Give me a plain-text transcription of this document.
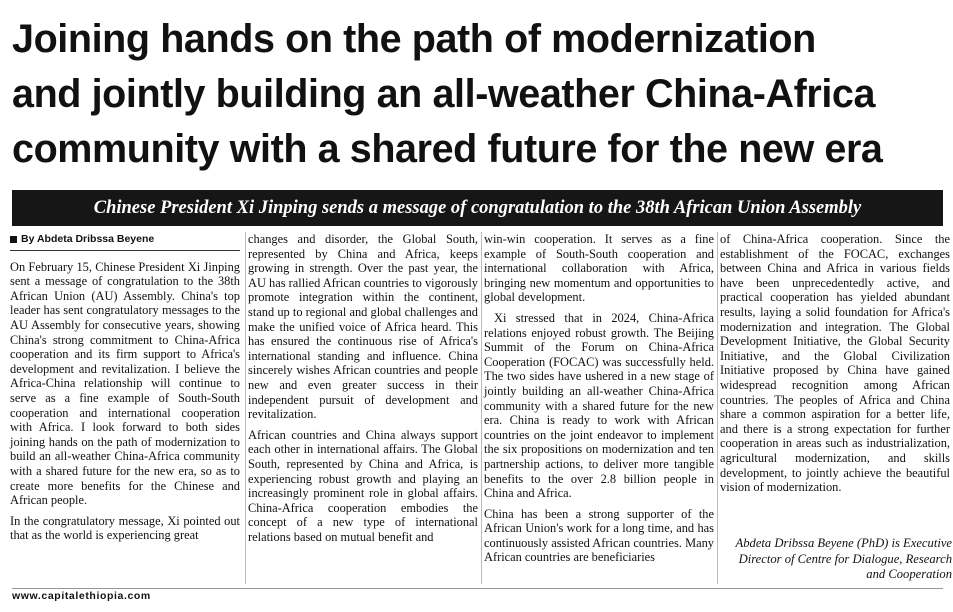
Joining hands on the path of modernization
and jointly building an all-weather China-Africa
community with a shared future for the new era
Chinese President Xi Jinping sends a message of congratulation to the 38th African Union Assembly
By Abdeta Dribssa Beyene

On February 15, Chinese President Xi Jinping sent a message of congratulation to the 38th African Union (AU) Assembly. China's top leader has sent congratulatory messages to the AU Assembly for consecutive years, showing China's strong commitment to China-Africa cooperation and its firm support to Africa's development and revitalization. I believe the Africa-China relationship will continue to serve as a fine example of South-South cooperation and international cooperation with Africa. I look forward to both sides joining hands on the path of modernization to build an all-weather China-Africa community with a shared future for the new era, so as to create more benefits for the Chinese and African people.

In the congratulatory message, Xi pointed out that as the world is experiencing great

changes and disorder, the Global South, represented by China and Africa, keeps growing in strength. Over the past year, the AU has rallied African countries to vigorously promote integration within the continent, stand up to regional and global challenges and make the unified voice of Africa heard. This has ensured the continuous rise of Africa's international standing and influence. China sincerely wishes African countries and people new and even greater success in their independent pursuit of development and revitalization.

African countries and China always support each other in international affairs. The Global South, represented by China and Africa, is experiencing robust growth and playing an increasingly prominent role in global affairs. China-Africa cooperation embodies the concept of a new type of international relations based on mutual benefit and

win-win cooperation. It serves as a fine example of South-South cooperation and international collaboration with Africa, bringing new momentum and opportunities to global development.

Xi stressed that in 2024, China-Africa relations enjoyed robust growth. The Beijing Summit of the Forum on China-Africa Cooperation (FOCAC) was successfully held. The two sides have ushered in a new stage of jointly building an all-weather China-Africa community with a shared future for the new era. China is ready to work with African countries on the joint endeavor to implement the six propositions on modernization and ten partnership actions, to deliver more tangible benefits to the over 2.8 billion people in China and Africa.

China has been a strong supporter of the African Union's work for a long time, and has continuously assisted African countries. Many African countries are beneficiaries

of China-Africa cooperation. Since the establishment of the FOCAC, exchanges between China and Africa in various fields have been unprecedentedly active, and practical cooperation has yielded abundant results, laying a solid foundation for Africa's modernization and integration. The Global Development Initiative, the Global Security Initiative, and the Global Civilization Initiative proposed by China have gained widespread recognition among African countries. The peoples of Africa and China share a common aspiration for a better life, and there is a strong expectation for further cooperation in areas such as industrialization, agricultural modernization, and skills development, to jointly achieve the beautiful vision of modernization.

Abdeta Dribssa Beyene (PhD) is Executive Director of Centre for Dialogue, Research and Cooperation
www.capitalethiopia.com
